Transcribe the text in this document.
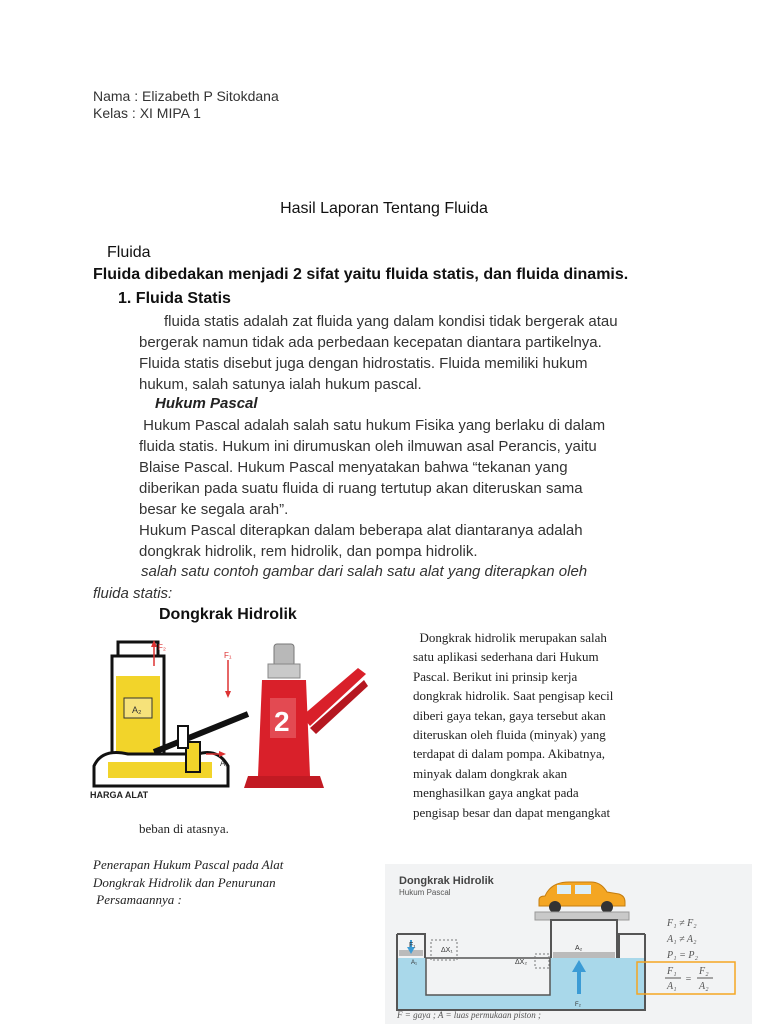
Nama : Elizabeth P Sitokdana
Kelas : XI MIPA 1
Hasil Laporan Tentang Fluida
Fluida
Fluida dibedakan menjadi 2 sifat yaitu fluida statis, dan fluida dinamis.
1. Fluida Statis

fluida statis adalah zat fluida yang dalam kondisi tidak bergerak atau

bergerak namun tidak ada perbedaan kecepatan diantara partikelnya.

Fluida statis disebut juga dengan hidrostatis. Fluida memiliki hukum

hukum, salah satunya ialah hukum pascal.

Hukum Pascal

Hukum Pascal adalah salah satu hukum Fisika yang berlaku di dalam

fluida statis. Hukum ini dirumuskan oleh ilmuwan asal Perancis, yaitu

Blaise Pascal. Hukum Pascal menyatakan bahwa “tekanan yang

diberikan pada suatu fluida di ruang tertutup akan diteruskan sama

besar ke segala arah”.

Hukum Pascal diterapkan dalam beberapa alat diantaranya adalah

dongkrak hidrolik, rem hidrolik, dan pompa hidrolik.

salah satu contoh gambar dari salah satu alat yang diterapkan oleh
fluida statis:
Dongkrak Hidrolik
A₂
F₂
F₁
A₁
HARGA ALAT
2

Dongkrak hidrolik merupakan salah

satu aplikasi sederhana dari Hukum

Pascal. Berikut ini prinsip kerja

dongkrak hidrolik. Saat pengisap kecil

diberi gaya tekan, gaya tersebut akan

diteruskan oleh fluida (minyak) yang

terdapat di dalam pompa. Akibatnya,

minyak dalam dongkrak akan

menghasilkan gaya angkat pada

pengisap besar dan dapat mengangkat

beban di atasnya.

Penerapan Hukum Pascal pada Alat

Dongkrak Hidrolik dan Penurunan

Persamaannya :

Dongkrak Hidrolik
Hukum Pascal
F₁
A₁
ΔX₁	A₂
ΔX₂
F₂
F₁ ≠ F₂
A₁ ≠ A₂
P₁ = P₂
F₁
A₁
=
F₂
A₂
F = gaya ; A = luas permukaan piston ;
